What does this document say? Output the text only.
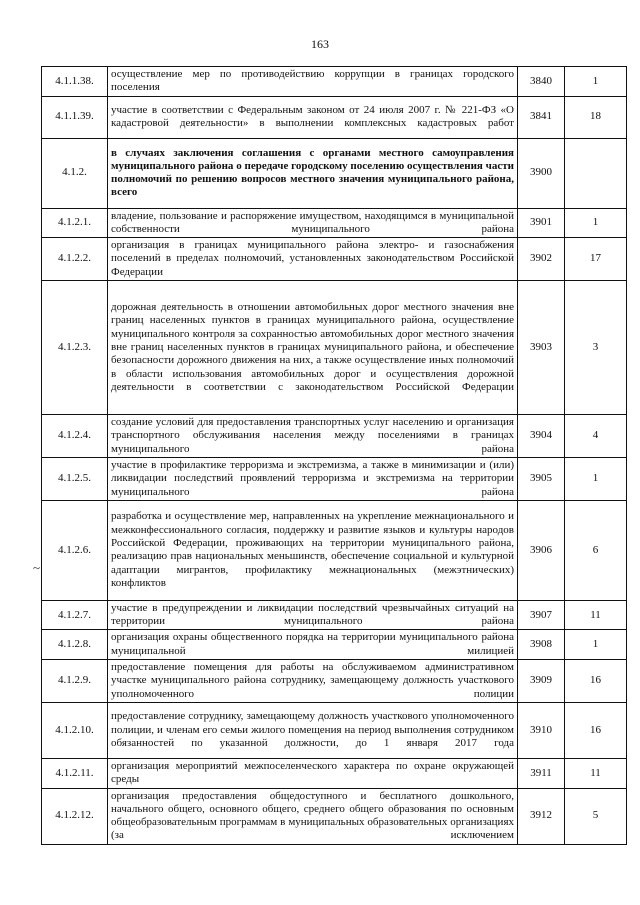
163
~
4.1.1.38.	осуществление мер по противодействию коррупции в границах городского поселения	3840	1
4.1.1.39.	участие в соответствии с Федеральным законом от 24 июля 2007 г. № 221-ФЗ «О кадастровой деятельности» в выполнении комплексных кадастровых работ	3841	18
4.1.2.	в случаях заключения соглашения с органами местного самоуправления муниципального района о передаче городскому поселению осуществления части полномочий по решению вопросов местного значения муниципального района, всего	3900	
4.1.2.1.	владение, пользование и распоряжение имуществом, находящимся в муниципальной собственности муниципального района	3901	1
4.1.2.2.	организация в границах муниципального района электро- и газоснабжения поселений в пределах полномочий, установленных законодательством Российской Федерации	3902	17
4.1.2.3.	дорожная деятельность в отношении автомобильных дорог местного значения вне границ населенных пунктов в границах муниципального района, осуществление муниципального контроля за сохранностью автомобильных дорог местного значения вне границ населенных пунктов в границах муниципального района, и обеспечение безопасности дорожного движения на них, а также осуществление иных полномочий в области использования автомобильных дорог и осуществления дорожной деятельности в соответствии с законодательством Российской Федерации	3903	3
4.1.2.4.	создание условий для предоставления транспортных услуг населению и организация транспортного обслуживания населения между поселениями в границах муниципального района	3904	4
4.1.2.5.	участие в профилактике терроризма и экстремизма, а также в минимизации и (или) ликвидации последствий проявлений терроризма и экстремизма на территории муниципального района	3905	1
4.1.2.6.	разработка и осуществление мер, направленных на укрепление межнационального и межконфессионального согласия, поддержку и развитие языков и культуры народов Российской Федерации, проживающих на территории муниципального района, реализацию прав национальных меньшинств, обеспечение социальной и культурной адаптации мигрантов, профилактику межнациональных (межэтнических) конфликтов	3906	6
4.1.2.7.	участие в предупреждении и ликвидации последствий чрезвычайных ситуаций на территории муниципального района	3907	11
4.1.2.8.	организация охраны общественного порядка на территории муниципального района муниципальной милицией	3908	1
4.1.2.9.	предоставление помещения для работы на обслуживаемом административном участке муниципального района сотруднику, замещающему должность участкового уполномоченного полиции	3909	16
4.1.2.10.	предоставление сотруднику, замещающему должность участкового уполномоченного полиции, и членам его семьи жилого помещения на период выполнения сотрудником обязанностей по указанной должности, до 1 января 2017 года	3910	16
4.1.2.11.	организация мероприятий межпоселенческого характера по охране окружающей среды	3911	11
4.1.2.12.	организация предоставления общедоступного и бесплатного дошкольного, начального общего, основного общего, среднего общего образования по основным общеобразовательным программам в муниципальных образовательных организациях (за исключением	3912	5
